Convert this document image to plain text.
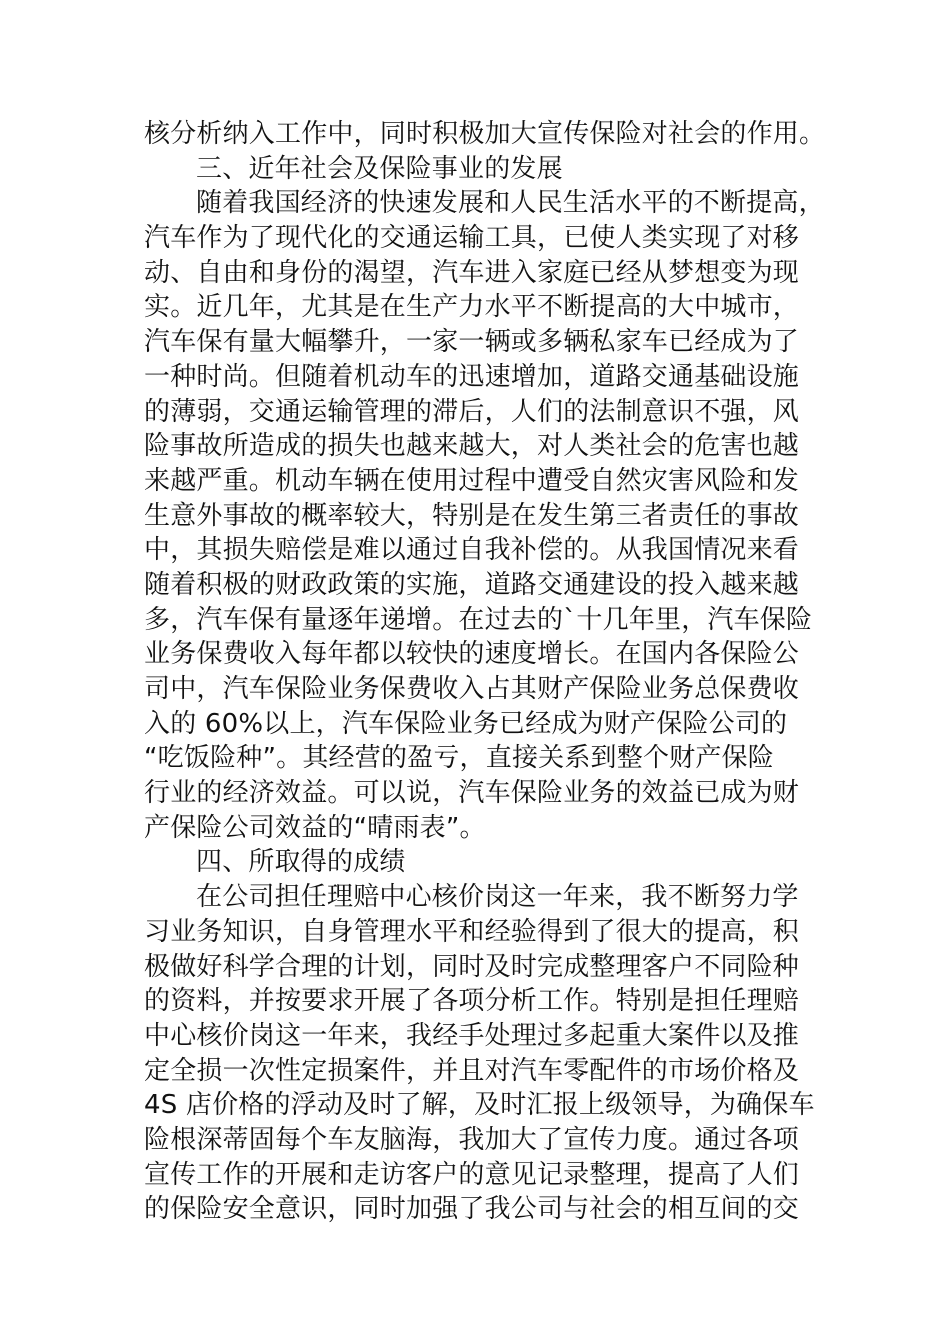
核分析纳入工作中，同时积极加大宣传保险对社会的作用。
三、近年社会及保险事业的发展
随着我国经济的快速发展和人民生活水平的不断提高，
汽车作为了现代化的交通运输工具，已使人类实现了对移
动、自由和身份的渴望，汽车进入家庭已经从梦想变为现
实。近几年，尤其是在生产力水平不断提高的大中城市，
汽车保有量大幅攀升，一家一辆或多辆私家车已经成为了
一种时尚。但随着机动车的迅速增加，道路交通基础设施
的薄弱，交通运输管理的滞后，人们的法制意识不强，风
险事故所造成的损失也越来越大，对人类社会的危害也越
来越严重。机动车辆在使用过程中遭受自然灾害风险和发
生意外事故的概率较大，特别是在发生第三者责任的事故
中，其损失赔偿是难以通过自我补偿的。从我国情况来看
随着积极的财政政策的实施，道路交通建设的投入越来越
多，汽车保有量逐年递增。在过去的`十几年里，汽车保险
业务保费收入每年都以较快的速度增长。在国内各保险公
司中，汽车保险业务保费收入占其财产保险业务总保费收
入的 60%以上，汽车保险业务已经成为财产保险公司的
“吃饭险种”。其经营的盈亏，直接关系到整个财产保险
行业的经济效益。可以说，汽车保险业务的效益已成为财
产保险公司效益的“晴雨表”。
四、所取得的成绩
在公司担任理赔中心核价岗这一年来，我不断努力学
习业务知识，自身管理水平和经验得到了很大的提高，积
极做好科学合理的计划，同时及时完成整理客户不同险种
的资料，并按要求开展了各项分析工作。特别是担任理赔
中心核价岗这一年来，我经手处理过多起重大案件以及推
定全损一次性定损案件，并且对汽车零配件的市场价格及
4S 店价格的浮动及时了解，及时汇报上级领导，为确保车
险根深蒂固每个车友脑海，我加大了宣传力度。通过各项
宣传工作的开展和走访客户的意见记录整理，提高了人们
的保险安全意识，同时加强了我公司与社会的相互间的交
